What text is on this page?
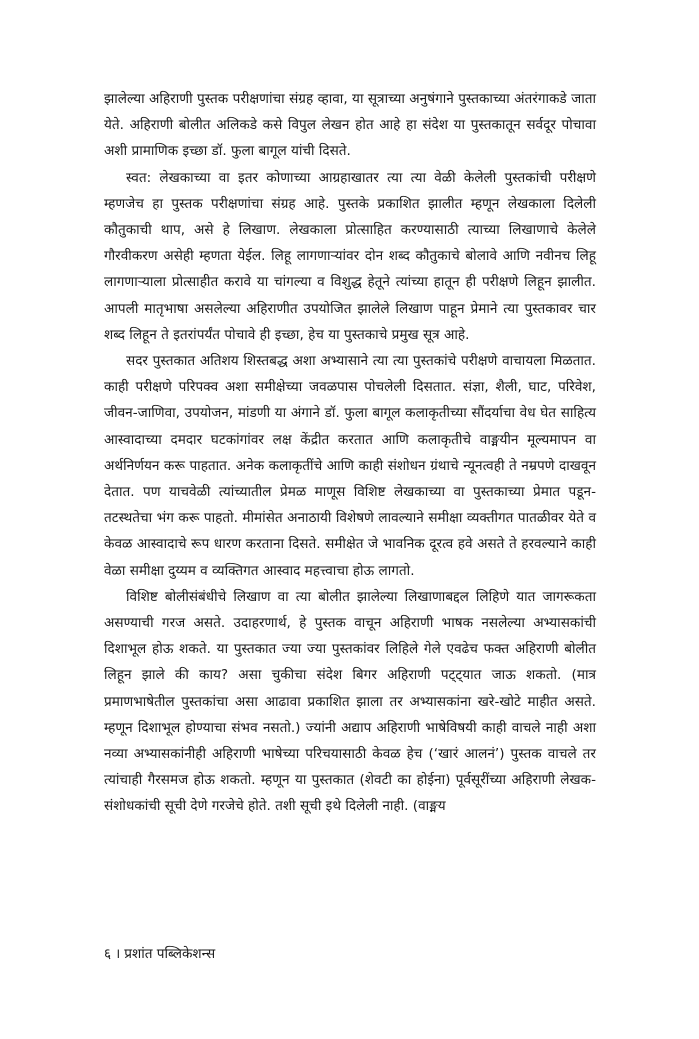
झालेल्या अहिराणी पुस्तक परीक्षणांचा संग्रह व्हावा, या सूत्राच्या अनुषंगाने पुस्तकाच्या अंतरंगाकडे जाता येते. अहिराणी बोलीत अलिकडे कसे विपुल लेखन होत आहे हा संदेश या पुस्तकातून सर्वदूर पोचावा अशी प्रामाणिक इच्छा डॉ. फुला बागूल यांची दिसते.

स्वत: लेखकाच्या वा इतर कोणाच्या आग्रहाखातर त्या त्या वेळी केलेली पुस्तकांची परीक्षणे म्हणजेच हा पुस्तक परीक्षणांचा संग्रह आहे. पुस्तके प्रकाशित झालीत म्हणून लेखकाला दिलेली कौतुकाची थाप, असे हे लिखाण. लेखकाला प्रोत्साहित करण्यासाठी त्याच्या लिखाणाचे केलेले गौरवीकरण असेही म्हणता येईल. लिहू लागणाऱ्यांवर दोन शब्द कौतुकाचे बोलावे आणि नवीनच लिहू लागणाऱ्याला प्रोत्साहीत करावे या चांगल्या व विशुद्ध हेतूने त्यांच्या हातून ही परीक्षणे लिहून झालीत. आपली मातृभाषा असलेल्या अहिराणीत उपयोजित झालेले लिखाण पाहून प्रेमाने त्या पुस्तकावर चार शब्द लिहून ते इतरांपर्यंत पोचावे ही इच्छा, हेच या पुस्तकाचे प्रमुख सूत्र आहे.

सदर पुस्तकात अतिशय शिस्तबद्ध अशा अभ्यासाने त्या त्या पुस्तकांचे परीक्षणे वाचायला मिळतात. काही परीक्षणे परिपक्व अशा समीक्षेच्या जवळपास पोचलेली दिसतात. संज्ञा, शैली, घाट, परिवेश, जीवन-जाणिवा, उपयोजन, मांडणी या अंगाने डॉ. फुला बागूल कलाकृतीच्या सौंदर्याचा वेध घेत साहित्य आस्वादाच्या दमदार घटकांगांवर लक्ष केंद्रीत करतात आणि कलाकृतीचे वाङ्मयीन मूल्यमापन वा अर्थनिर्णयन करू पाहतात. अनेक कलाकृतींचे आणि काही संशोधन ग्रंथाचे न्यूनत्वही ते नम्रपणे दाखवून देतात. पण याचवेळी त्यांच्यातील प्रेमळ माणूस विशिष्ट लेखकाच्या वा पुस्तकाच्या प्रेमात पडून-तटस्थतेचा भंग करू पाहतो. मीमांसेत अनाठायी विशेषणे लावल्याने समीक्षा व्यक्तीगत पातळीवर येते व केवळ आस्वादाचे रूप धारण करताना दिसते. समीक्षेत जे भावनिक दूरत्व हवे असते ते हरवल्याने काही वेळा समीक्षा दुय्यम व व्यक्तिगत आस्वाद महत्त्वाचा होऊ लागतो.

विशिष्ट बोलीसंबंधीचे लिखाण वा त्या बोलीत झालेल्या लिखाणाबद्दल लिहिणे यात जागरूकता असण्याची गरज असते. उदाहरणार्थ, हे पुस्तक वाचून अहिराणी भाषक नसलेल्या अभ्यासकांची दिशाभूल होऊ शकते. या पुस्तकात ज्या ज्या पुस्तकांवर लिहिले गेले एवढेच फक्त अहिराणी बोलीत लिहून झाले की काय? असा चुकीचा संदेश बिगर अहिराणी पट्ट्यात जाऊ शकतो. (मात्र प्रमाणभाषेतील पुस्तकांचा असा आढावा प्रकाशित झाला तर अभ्यासकांना खरे-खोटे माहीत असते. म्हणून दिशाभूल होण्याचा संभव नसतो.) ज्यांनी अद्याप अहिराणी भाषेविषयी काही वाचले नाही अशा नव्या अभ्यासकांनीही अहिराणी भाषेच्या परिचयासाठी केवळ हेच (‘खारं आलनं’) पुस्तक वाचले तर त्यांचाही गैरसमज होऊ शकतो. म्हणून या पुस्तकात (शेवटी का होईना) पूर्वसूरींच्या अहिराणी लेखक-संशोधकांची सूची देणे गरजेचे होते. तशी सूची इथे दिलेली नाही. (वाङ्मय

६ । प्रशांत पब्लिकेशन्स
